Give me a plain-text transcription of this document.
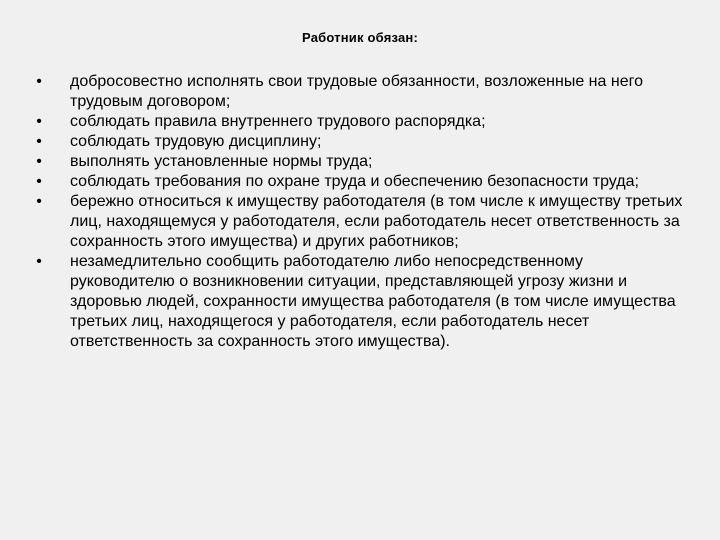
Работник обязан:
• добросовестно исполнять свои трудовые обязанности, возложенные на него трудовым договором;
• соблюдать правила внутреннего трудового распорядка;
• соблюдать трудовую дисциплину;
• выполнять установленные нормы труда;
• соблюдать требования по охране труда и обеспечению безопасности труда;
• бережно относиться к имуществу работодателя (в том числе к имуществу третьих лиц, находящемуся у работодателя, если работодатель несет ответственность за сохранность этого имущества) и других работников;
• незамедлительно сообщить работодателю либо непосредственному руководителю о возникновении ситуации, представляющей угрозу жизни и здоровью людей, сохранности имущества работодателя (в том числе имущества третьих лиц, находящегося у работодателя, если работодатель несет ответственность за сохранность этого имущества).
